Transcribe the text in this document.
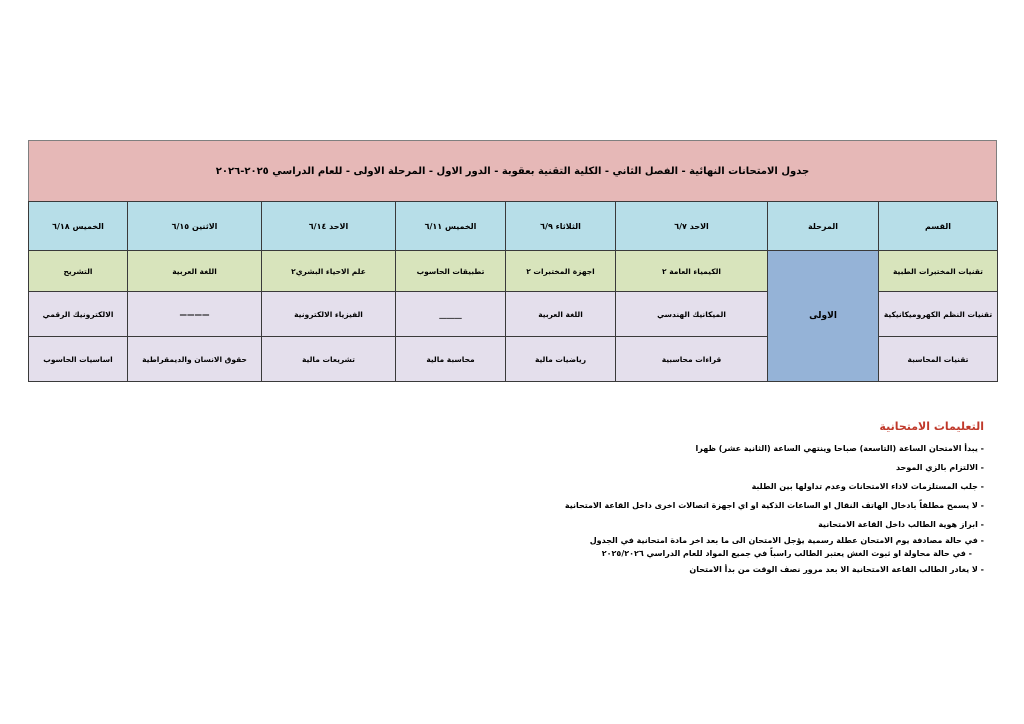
جدول الامتحانات النهائية - الفصل الثاني - الكلية التقنية بعقوبة - الدور الاول - المرحلة الاولى - للعام الدراسي ٢٠٢٥-٢٠٢٦
القسم	المرحلة	الاحد ٦/٧	الثلاثاء ٦/٩	الخميس ٦/١١	الاحد ٦/١٤	الاثنين ٦/١٥	الخميس ٦/١٨
تقنيات المختبرات الطبية	الاولى	الكيمياء العامة ٢	اجهزة المختبرات ٢	تطبيقات الحاسوب	علم الاحياء البشري٢	اللغة العربية	التشريح
تقنيات النظم الكهروميكانيكية		الميكانيك الهندسي	اللغة العربية	______	الفيزياء الالكترونية	————	الالكترونيك الرقمي
تقنيات المحاسبة		قراءات محاسبية	رياضيات مالية	محاسبة مالية	تشريعات مالية	حقوق الانسان والديمقراطية	اساسيات الحاسوب
التعليمات الامتحانية
- يبدأ الامتحان الساعة (التاسعة) صباحا وينتهي الساعة (الثانية عشر) ظهرا
- الالتزام بالزي الموحد
- جلب المستلزمات لاداء الامتحانات وعدم تداولها بين الطلبة
- لا يسمح مطلقاً بادخال الهاتف النقال او الساعات الذكية او اي اجهزة اتصالات اخرى داخل القاعة الامتحانية
- ابراز هوية الطالب داخل القاعة الامتحانية
- في حالة مصادفة يوم الامتحان عطلة رسمية يؤجل الامتحان الى ما بعد اخر مادة امتحانية في الجدول
- في حالة محاولة او ثبوت الغش يعتبر الطالب راسباً في جميع المواد للعام الدراسي ٢٠٢٥/٢٠٢٦
- لا يغادر الطالب القاعة الامتحانية الا بعد مرور نصف الوقت من بدأ الامتحان
